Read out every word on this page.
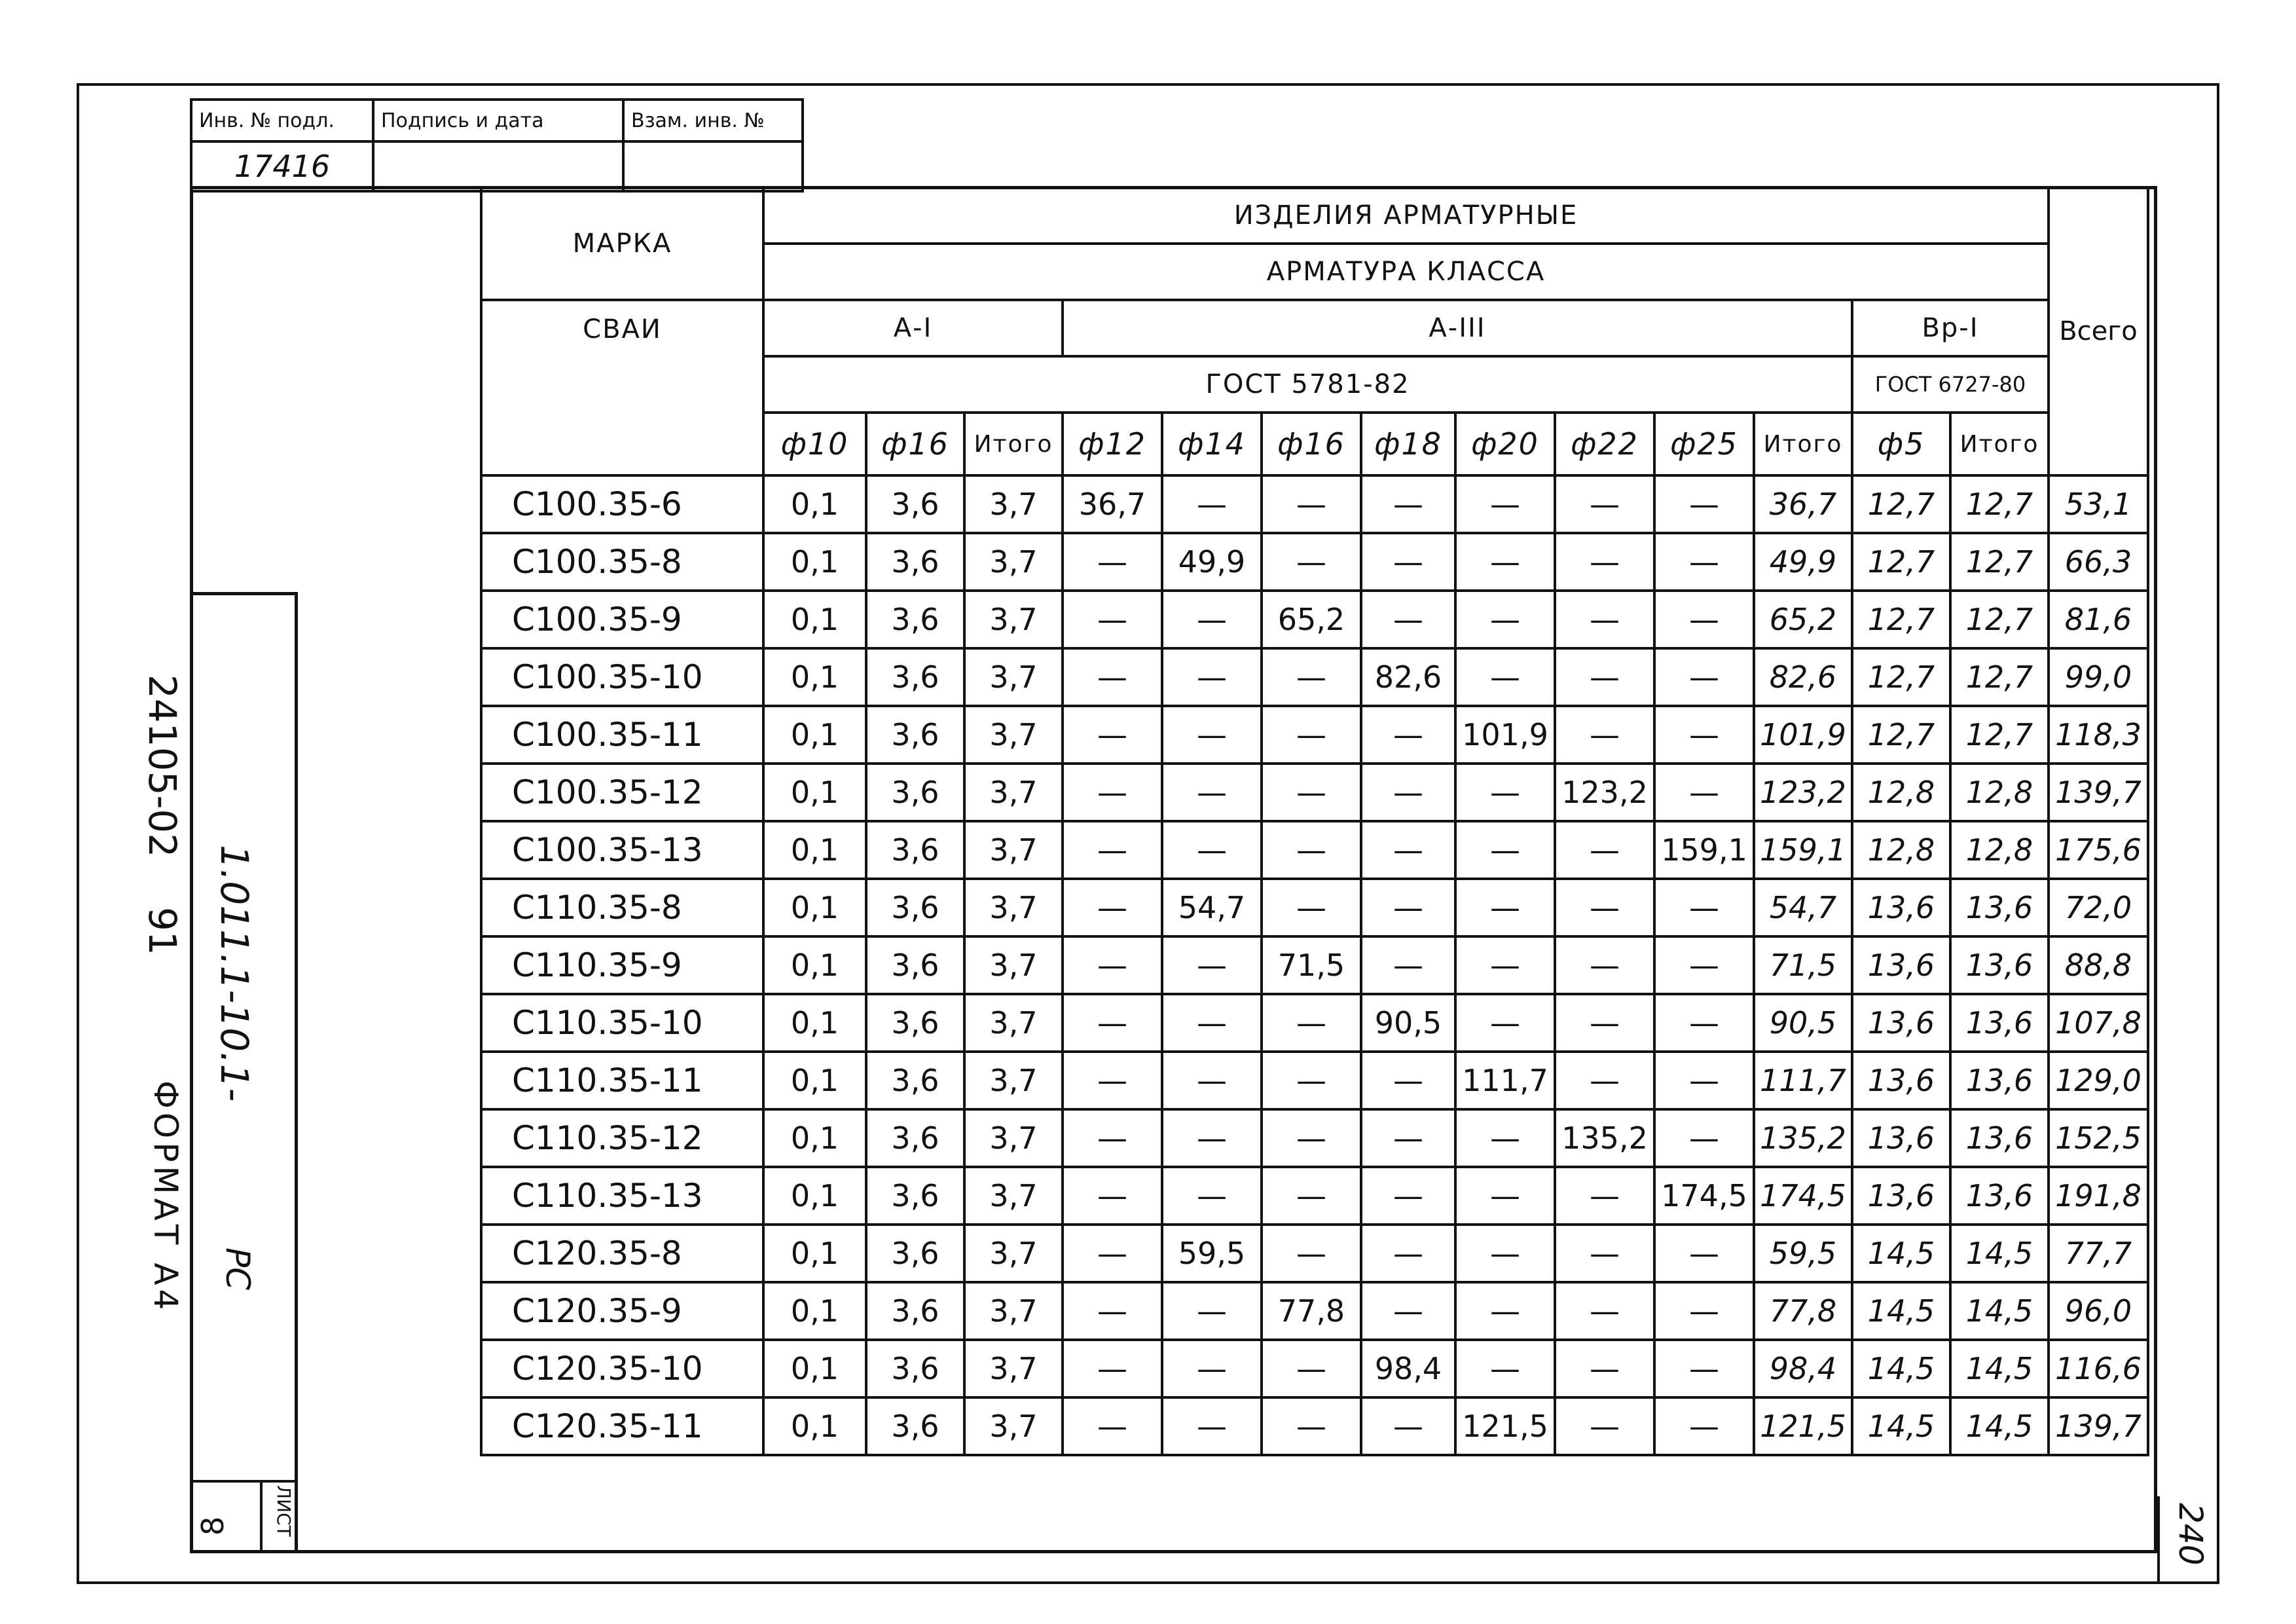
Инв. № подл.	Подпись и дата	Взам. инв. №
17416		
24105-02
91
ФОРМАТ А4
1.011.1-10.1-
РС
8 ЛИСТ	240
МАРКА	ИЗДЕЛИЯ АРМАТУРНЫЕ													Всего
	АРМАТУРА КЛАССА													
СВАИ	А-I			А-III								Вр-I		
	ГОСТ 5781-82											ГОСТ 6727-80		
	ф10	ф16	Итого	ф12	ф14	ф16	ф18	ф20	ф22	ф25	Итого	ф5	Итого	
С100.35-6	0,1	3,6	3,7	36,7	—	—	—	—	—	—	36,7	12,7	12,7	53,1
С100.35-8	0,1	3,6	3,7	—	49,9	—	—	—	—	—	49,9	12,7	12,7	66,3
С100.35-9	0,1	3,6	3,7	—	—	65,2	—	—	—	—	65,2	12,7	12,7	81,6
С100.35-10	0,1	3,6	3,7	—	—	—	82,6	—	—	—	82,6	12,7	12,7	99,0
С100.35-11	0,1	3,6	3,7	—	—	—	—	101,9	—	—	101,9	12,7	12,7	118,3
С100.35-12	0,1	3,6	3,7	—	—	—	—	—	123,2	—	123,2	12,8	12,8	139,7
С100.35-13	0,1	3,6	3,7	—	—	—	—	—	—	159,1	159,1	12,8	12,8	175,6
С110.35-8	0,1	3,6	3,7	—	54,7	—	—	—	—	—	54,7	13,6	13,6	72,0
С110.35-9	0,1	3,6	3,7	—	—	71,5	—	—	—	—	71,5	13,6	13,6	88,8
С110.35-10	0,1	3,6	3,7	—	—	—	90,5	—	—	—	90,5	13,6	13,6	107,8
С110.35-11	0,1	3,6	3,7	—	—	—	—	111,7	—	—	111,7	13,6	13,6	129,0
С110.35-12	0,1	3,6	3,7	—	—	—	—	—	135,2	—	135,2	13,6	13,6	152,5
С110.35-13	0,1	3,6	3,7	—	—	—	—	—	—	174,5	174,5	13,6	13,6	191,8
С120.35-8	0,1	3,6	3,7	—	59,5	—	—	—	—	—	59,5	14,5	14,5	77,7
С120.35-9	0,1	3,6	3,7	—	—	77,8	—	—	—	—	77,8	14,5	14,5	96,0
С120.35-10	0,1	3,6	3,7	—	—	—	98,4	—	—	—	98,4	14,5	14,5	116,6
С120.35-11	0,1	3,6	3,7	—	—	—	—	121,5	—	—	121,5	14,5	14,5	139,7
